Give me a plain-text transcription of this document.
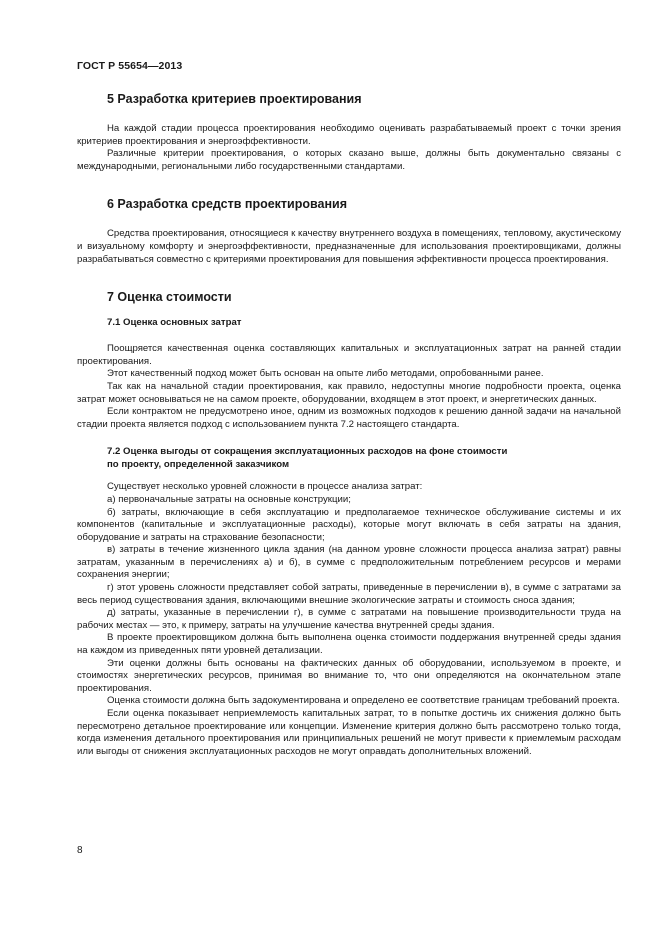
ГОСТ Р 55654—2013
5 Разработка критериев проектирования

На каждой стадии процесса проектирования необходимо оценивать разрабатываемый проект с точки зрения критериев проектирования и энергоэффективности.

Различные критерии проектирования, о которых сказано выше, должны быть документально связаны с международными, региональными либо государственными стандартами.

6 Разработка средств проектирования

Средства проектирования, относящиеся к качеству внутреннего воздуха в помещениях, тепловому, акустическому и визуальному комфорту и энергоэффективности, предназначенные для использования проектировщиками, должны разрабатываться совместно с критериями проектирования для повышения эффективности процесса проектирования.

7 Оценка стоимости
7.1 Оценка основных затрат

Поощряется качественная оценка составляющих капитальных и эксплуатационных затрат на ранней стадии проектирования.

Этот качественный подход может быть основан на опыте либо методами, опробованными ранее.

Так как на начальной стадии проектирования, как правило, недоступны многие подробности проекта, оценка затрат может основываться не на самом проекте, оборудовании, входящем в этот проект, и энергетических данных.

Если контрактом не предусмотрено иное, одним из возможных подходов к решению данной задачи на начальной стадии проекта является подход с использованием пункта 7.2 настоящего стандарта.

7.2 Оценка выгоды от сокращения эксплуатационных расходов на фоне стоимости
по проекту, определенной заказчиком

Существует несколько уровней сложности в процессе анализа затрат:

а) первоначальные затраты на основные конструкции;

б) затраты, включающие в себя эксплуатацию и предполагаемое техническое обслуживание системы и их компонентов (капитальные и эксплуатационные расходы), которые могут включать в себя затраты на здания, оборудование и затраты на страхование безопасности;

в) затраты в течение жизненного цикла здания (на данном уровне сложности процесса анализа затрат) равны затратам, указанным в перечислениях а) и б), в сумме с предположительным потреблением ресурсов и мерами сохранения энергии;

г) этот уровень сложности представляет собой затраты, приведенные в перечислении в), в сумме с затратами за весь период существования здания, включающими внешние экологические затраты и стоимость сноса здания;

д) затраты, указанные в перечислении г), в сумме с затратами на повышение производительности труда на рабочих местах — это, к примеру, затраты на улучшение качества внутренней среды здания.

В проекте проектировщиком должна быть выполнена оценка стоимости поддержания внутренней среды здания на каждом из приведенных пяти уровней детализации.

Эти оценки должны быть основаны на фактических данных об оборудовании, используемом в проекте, и стоимостях энергетических ресурсов, принимая во внимание то, что они определяются на окончательном этапе проектирования.

Оценка стоимости должна быть задокументирована и определено ее соответствие границам требований проекта.

Если оценка показывает неприемлемость капитальных затрат, то в попытке достичь их снижения должно быть пересмотрено детальное проектирование или концепции. Изменение критерия должно быть рассмотрено только тогда, когда изменения детального проектирования или принципиальных решений не могут привести к приемлемым расходам или выгоды от снижения эксплуатационных расходов не могут оправдать дополнительных вложений.

8
